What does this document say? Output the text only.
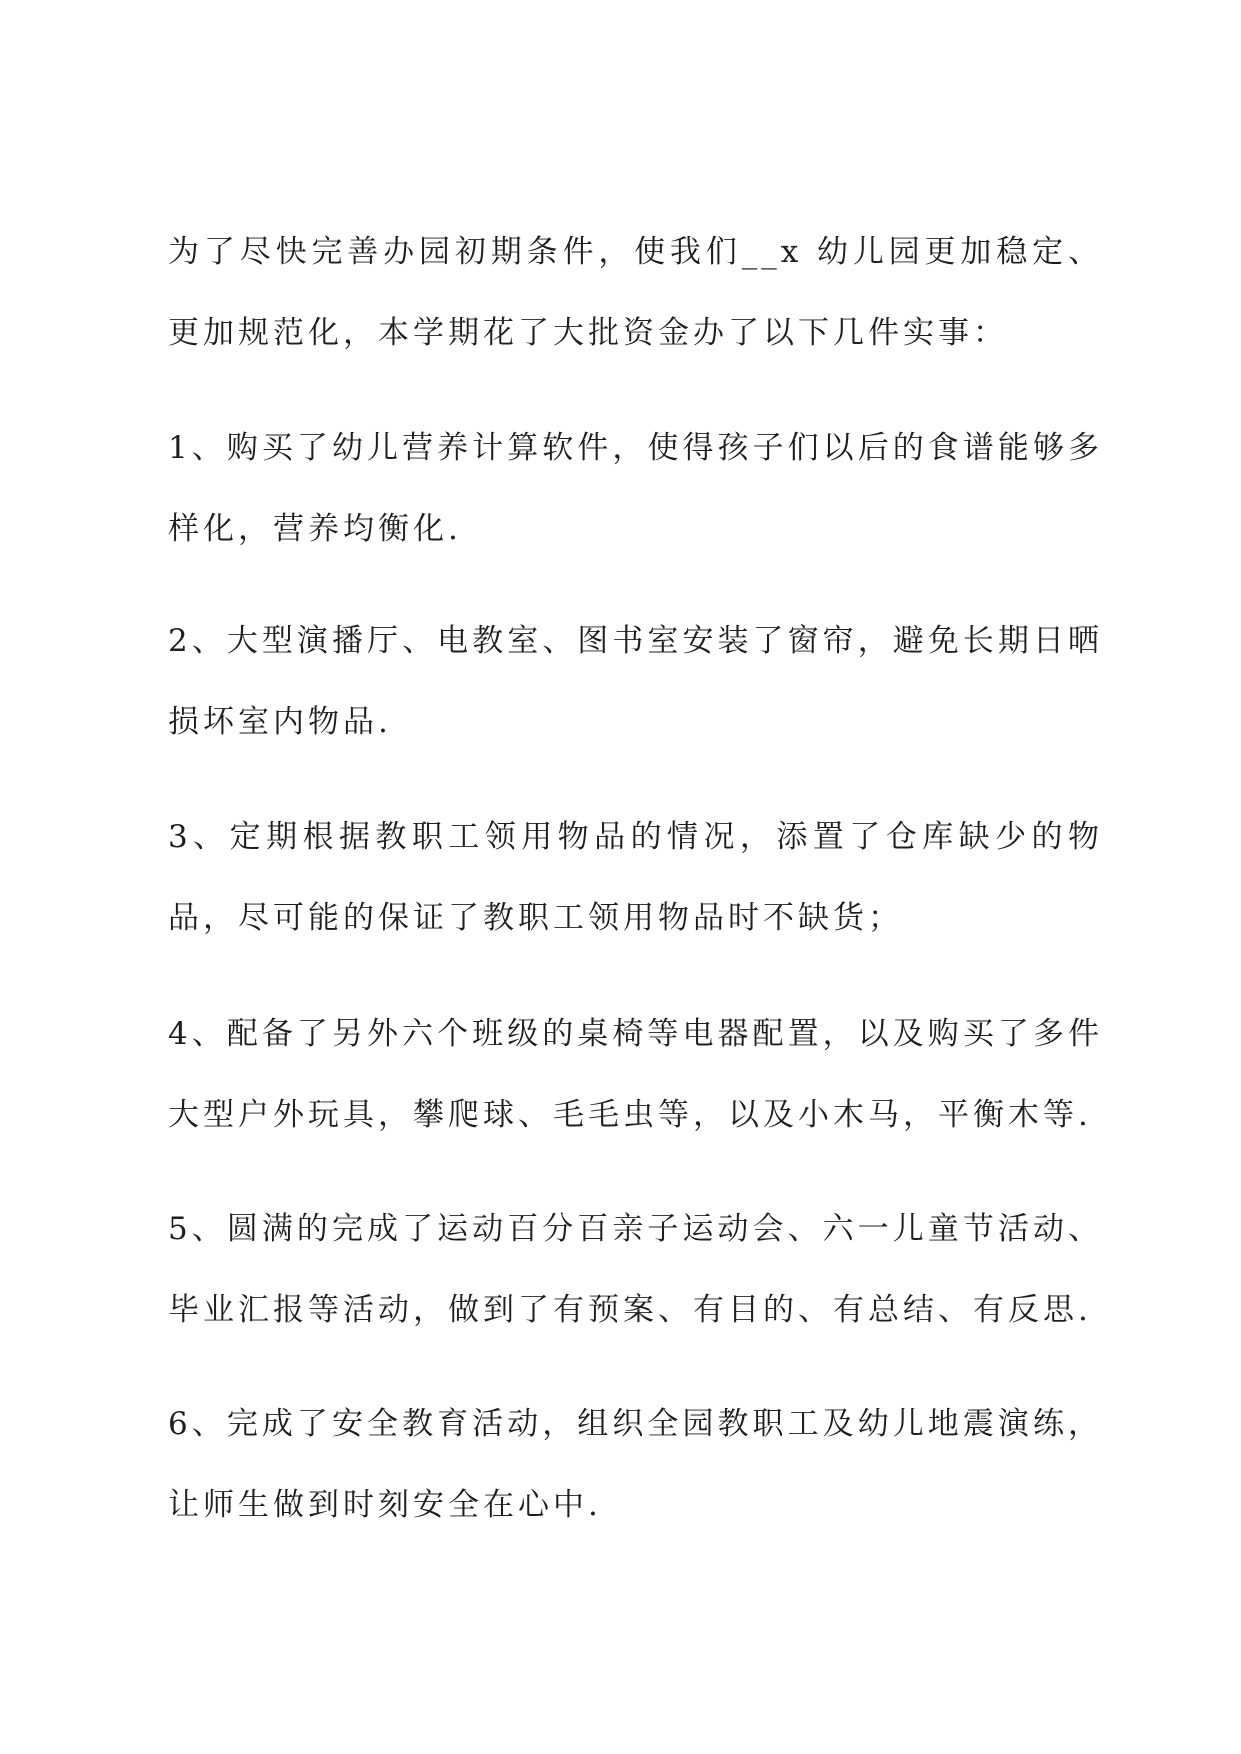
为了尽快完善办园初期条件，使我们__x 幼儿园更加稳定、更加规范化，本学期花了大批资金办了以下几件实事：

1、购买了幼儿营养计算软件，使得孩子们以后的食谱能够多样化，营养均衡化.

2、大型演播厅、电教室、图书室安装了窗帘，避免长期日晒损坏室内物品.

3、定期根据教职工领用物品的情况，添置了仓库缺少的物品，尽可能的保证了教职工领用物品时不缺货；

4、配备了另外六个班级的桌椅等电器配置，以及购买了多件大型户外玩具，攀爬球、毛毛虫等，以及小木马，平衡木等.

5、圆满的完成了运动百分百亲子运动会、六一儿童节活动、毕业汇报等活动，做到了有预案、有目的、有总结、有反思.

6、完成了安全教育活动，组织全园教职工及幼儿地震演练，让师生做到时刻安全在心中.
